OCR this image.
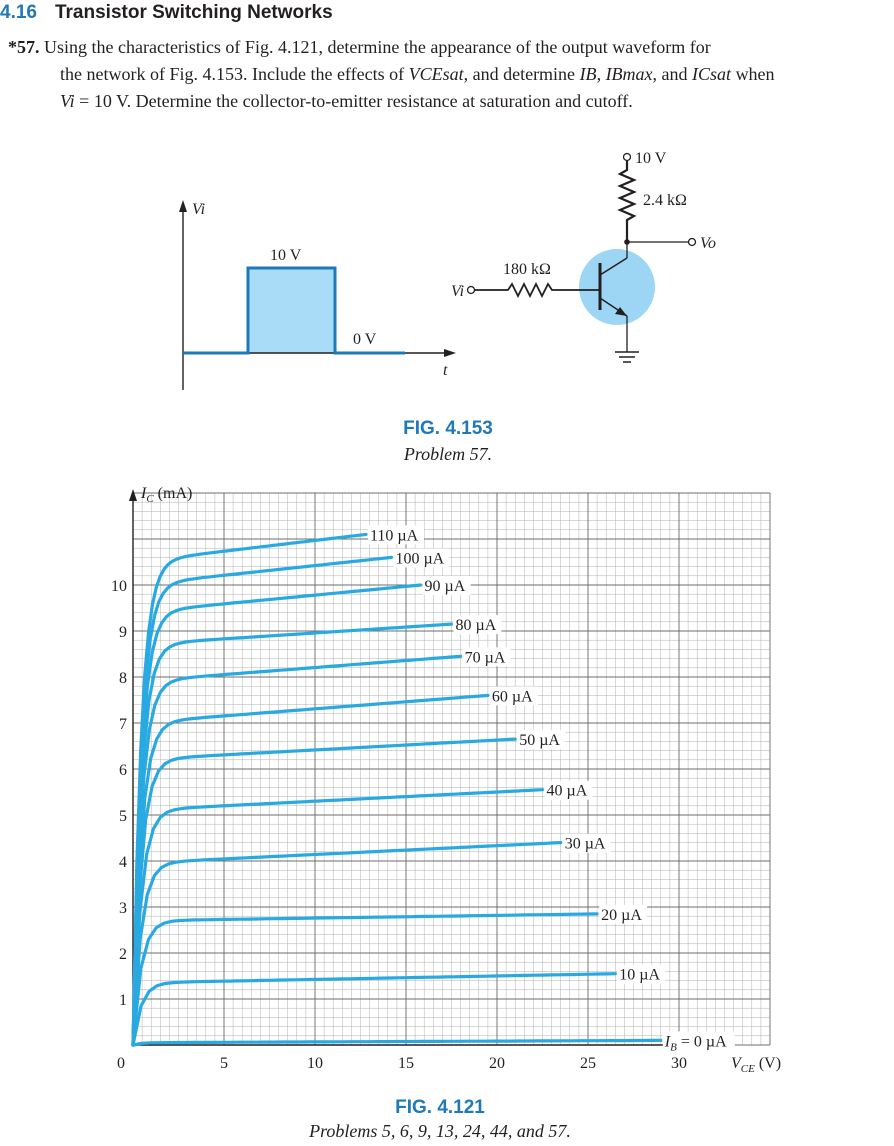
4.16 Transistor Switching Networks
*57. Using the characteristics of Fig. 4.121, determine the appearance of the output waveform for
the network of Fig. 4.153. Include the effects of VCEsat, and determine IB, IBmax, and ICsat when
Vi = 10 V. Determine the collector-to-emitter resistance at saturation and cutoff.
Vi
t
10 V
0 V
10 V
2.4 kΩ
Vo
Vi
180 kΩ
FIG. 4.153
Problem 57.
$I_C$ (mA)
$V_{CE}$ (V)
0	5	10	15	20	25	30
1
2
3
4
5
6
7
8
9
10
$I_B = 0$ µA
10 µA
20 µA
30 µA
40 µA
50 µA
60 µA
70 µA
80 µA
90 µA
100 µA
110 µA
FIG. 4.121
Problems 5, 6, 9, 13, 24, 44, and 57.
